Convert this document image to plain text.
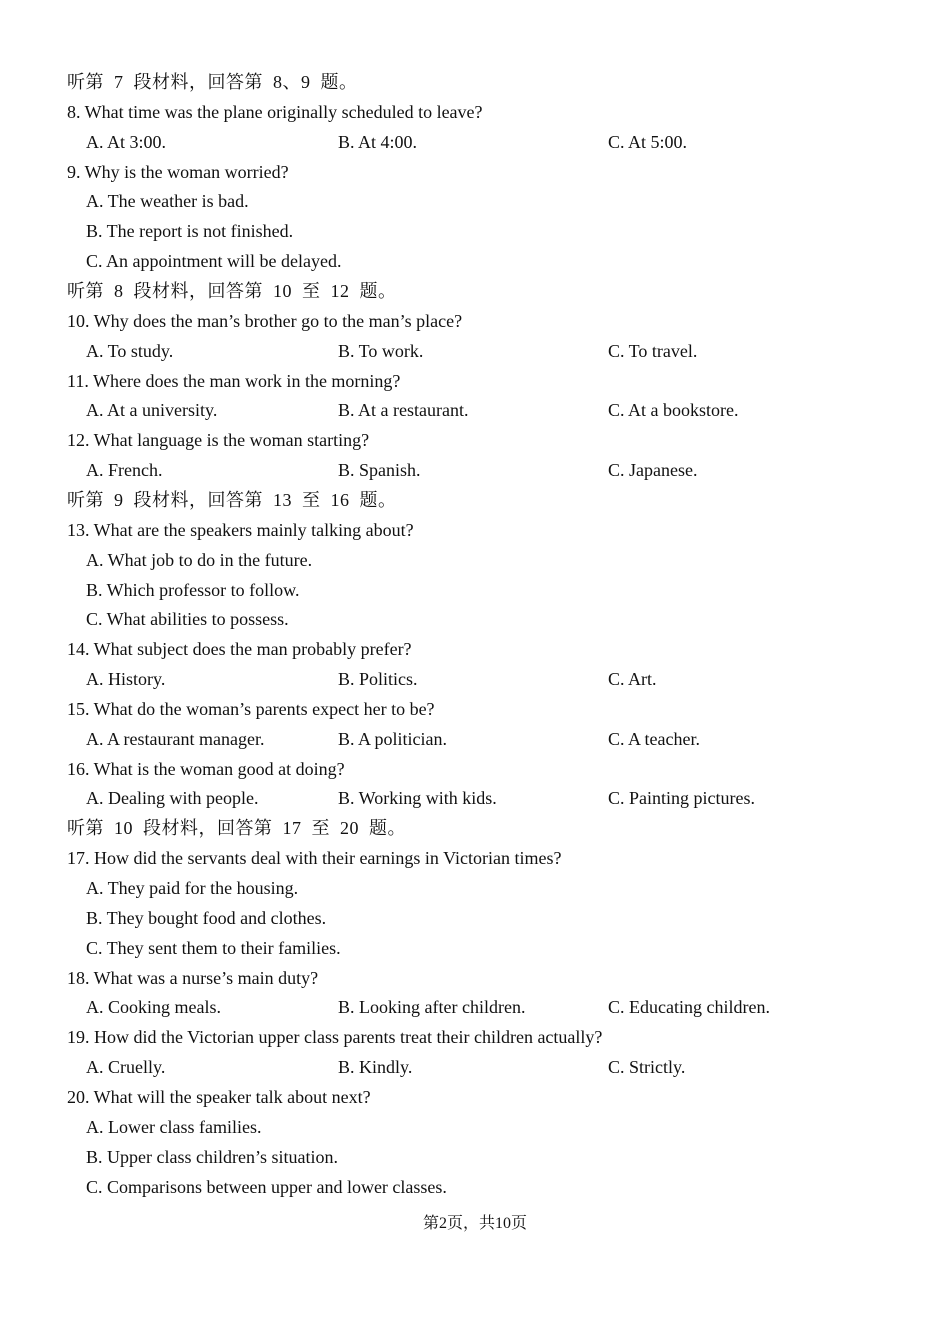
听第  7  段材料，回答第  8、9  题。
8. What time was the plane originally scheduled to leave?
A. At 3:00.	B. At 4:00.	C. At 5:00.
9. Why is the woman worried?
A. The weather is bad.
B. The report is not finished.
C. An appointment will be delayed.
听第  8  段材料，回答第  10  至  12  题。
10. Why does the man’s brother go to the man’s place?
A. To study.	B. To work.	C. To travel.
11. Where does the man work in the morning?
A. At a university.	B. At a restaurant.	C. At a bookstore.
12. What language is the woman starting?
A. French.	B. Spanish.	C. Japanese.
听第  9  段材料，回答第  13  至  16  题。
13. What are the speakers mainly talking about?
A. What job to do in the future.
B. Which professor to follow.
C. What abilities to possess.
14. What subject does the man probably prefer?
A. History.	B. Politics.	C. Art.
15. What do the woman’s parents expect her to be?
A. A restaurant manager.	B. A politician.	C. A teacher.
16. What is the woman good at doing?
A. Dealing with people.	B. Working with kids.	C. Painting pictures.
听第  10  段材料，回答第  17  至  20  题。
17. How did the servants deal with their earnings in Victorian times?
A. They paid for the housing.
B. They bought food and clothes.
C. They sent them to their families.
18. What was a nurse’s main duty?
A. Cooking meals.	B. Looking after children.	C. Educating children.
19. How did the Victorian upper class parents treat their children actually?
A. Cruelly.	B. Kindly.	C. Strictly.
20. What will the speaker talk about next?
A. Lower class families.
B. Upper class children’s situation.
C. Comparisons between upper and lower classes.
第2页，共10页
